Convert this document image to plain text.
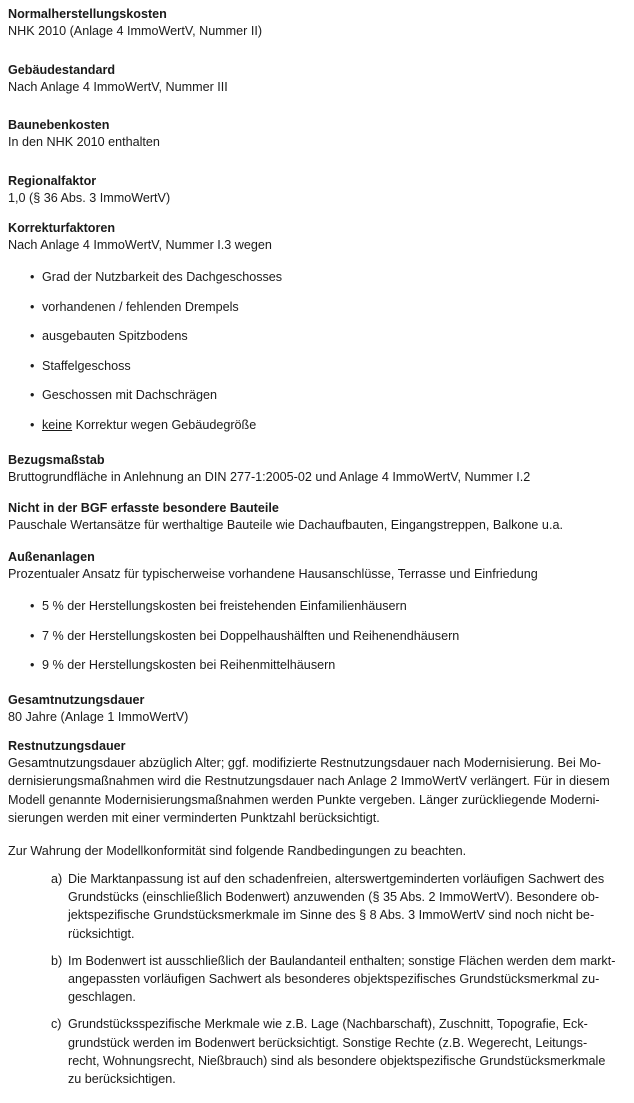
Normalherstellungskosten

NHK 2010 (Anlage 4 ImmoWertV, Nummer II)

Gebäudestandard

Nach Anlage 4 ImmoWertV, Nummer III

Baunebenkosten

In den NHK 2010 enthalten

Regionalfaktor

1,0 (§ 36 Abs. 3 ImmoWertV)

Korrekturfaktoren

Nach Anlage 4 ImmoWertV, Nummer I.3 wegen

• Grad der Nutzbarkeit des Dachgeschosses
• vorhandenen / fehlenden Drempels
• ausgebauten Spitzbodens
• Staffelgeschoss
• Geschossen mit Dachschrägen
• keine Korrektur wegen Gebäudegröße

Bezugsmaßstab

Bruttogrundfläche in Anlehnung an DIN 277-1:2005-02 und Anlage 4 ImmoWertV, Nummer I.2

Nicht in der BGF erfasste besondere Bauteile

Pauschale Wertansätze für werthaltige Bauteile wie Dachaufbauten, Eingangstreppen, Balkone u.a.

Außenanlagen

Prozentualer Ansatz für typischerweise vorhandene Hausanschlüsse, Terrasse und Einfriedung

• 5 % der Herstellungskosten bei freistehenden Einfamilienhäusern
• 7 % der Herstellungskosten bei Doppelhaushälften und Reihenendhäusern
• 9 % der Herstellungskosten bei Reihenmittelhäusern

Gesamtnutzungsdauer

80 Jahre (Anlage 1 ImmoWertV)

Restnutzungsdauer

Gesamtnutzungsdauer abzüglich Alter; ggf. modifizierte Restnutzungsdauer nach Modernisierung. Bei Mo-

dernisierungsmaßnahmen wird die Restnutzungsdauer nach Anlage 2 ImmoWertV verlängert. Für in diesem

Modell genannte Modernisierungsmaßnahmen werden Punkte vergeben. Länger zurückliegende Moderni-

sierungen werden mit einer verminderten Punktzahl berücksichtigt.

Zur Wahrung der Modellkonformität sind folgende Randbedingungen zu beachten.

a) Die Marktanpassung ist auf den schadenfreien, alterswertgeminderten vorläufigen Sachwert des
Grundstücks (einschließlich Bodenwert) anzuwenden (§ 35 Abs. 2 ImmoWertV). Besondere ob-
jektspezifische Grundstücksmerkmale im Sinne des § 8 Abs. 3 ImmoWertV sind noch nicht be-
rücksichtigt.
b) Im Bodenwert ist ausschließlich der Baulandanteil enthalten; sonstige Flächen werden dem markt-
angepassten vorläufigen Sachwert als besonderes objektspezifisches Grundstücksmerkmal zu-
geschlagen.
c) Grundstücksspezifische Merkmale wie z.B. Lage (Nachbarschaft), Zuschnitt, Topografie, Eck-
grundstück werden im Bodenwert berücksichtigt. Sonstige Rechte (z.B. Wegerecht, Leitungs-
recht, Wohnungsrecht, Nießbrauch) sind als besondere objektspezifische Grundstücksmerkmale
zu berücksichtigen.
